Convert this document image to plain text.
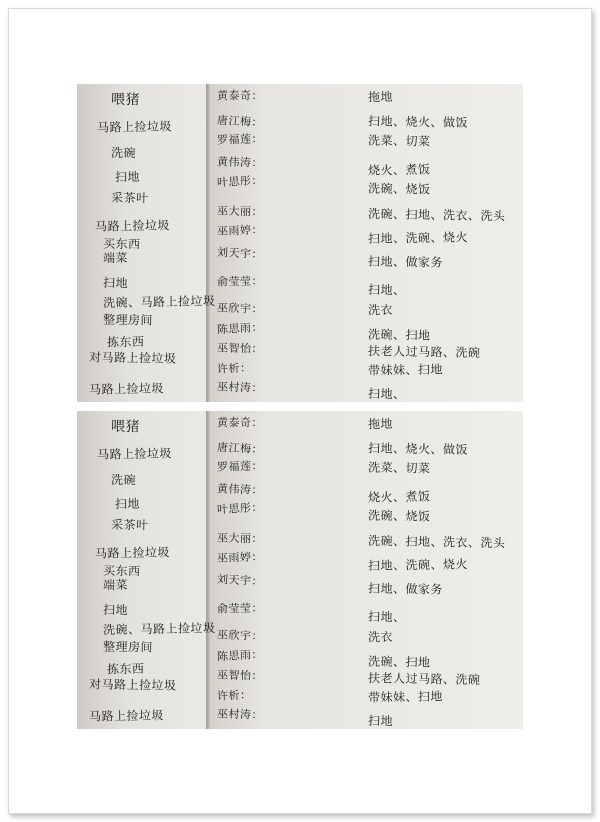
喂猪
马路上捡垃圾
洗碗
扫地
采茶叶
马路上捡垃圾
买东西
端菜
扫地
洗碗、马路上捡垃圾
整理房间
拣东西
对马路上捡垃圾
马路上捡垃圾
黄泰奇：
唐江梅：
罗福莲：
黄伟涛：
叶思彤：
巫大丽：
巫雨婷：
刘天宇：
俞莹莹：
巫欣宇：
陈思雨：
巫智怡：
许析：
巫村涛：
拖地
扫地、烧火、做饭
洗菜、切菜
烧火、煮饭
洗碗、烧饭
洗碗、扫地、洗衣、洗头
扫地、洗碗、烧火
扫地、做家务
扫地、
洗衣
洗碗、扫地
扶老人过马路、洗碗
带妹妹、扫地
扫地、
喂猪
马路上捡垃圾
洗碗
扫地
采茶叶
马路上捡垃圾
买东西
端菜
扫地
洗碗、马路上捡垃圾
整理房间
拣东西
对马路上捡垃圾
马路上捡垃圾
黄泰奇：
唐江梅：
罗福莲：
黄伟涛：
叶思彤：
巫大丽：
巫雨婷：
刘天宇：
俞莹莹：
巫欣宇：
陈思雨：
巫智怡：
许析：
巫村涛：
拖地
扫地、烧火、做饭
洗菜、切菜
烧火、煮饭
洗碗、烧饭
洗碗、扫地、洗衣、洗头
扫地、洗碗、烧火
扫地、做家务
扫地、
洗衣
洗碗、扫地
扶老人过马路、洗碗
带妹妹、扫地
扫地
